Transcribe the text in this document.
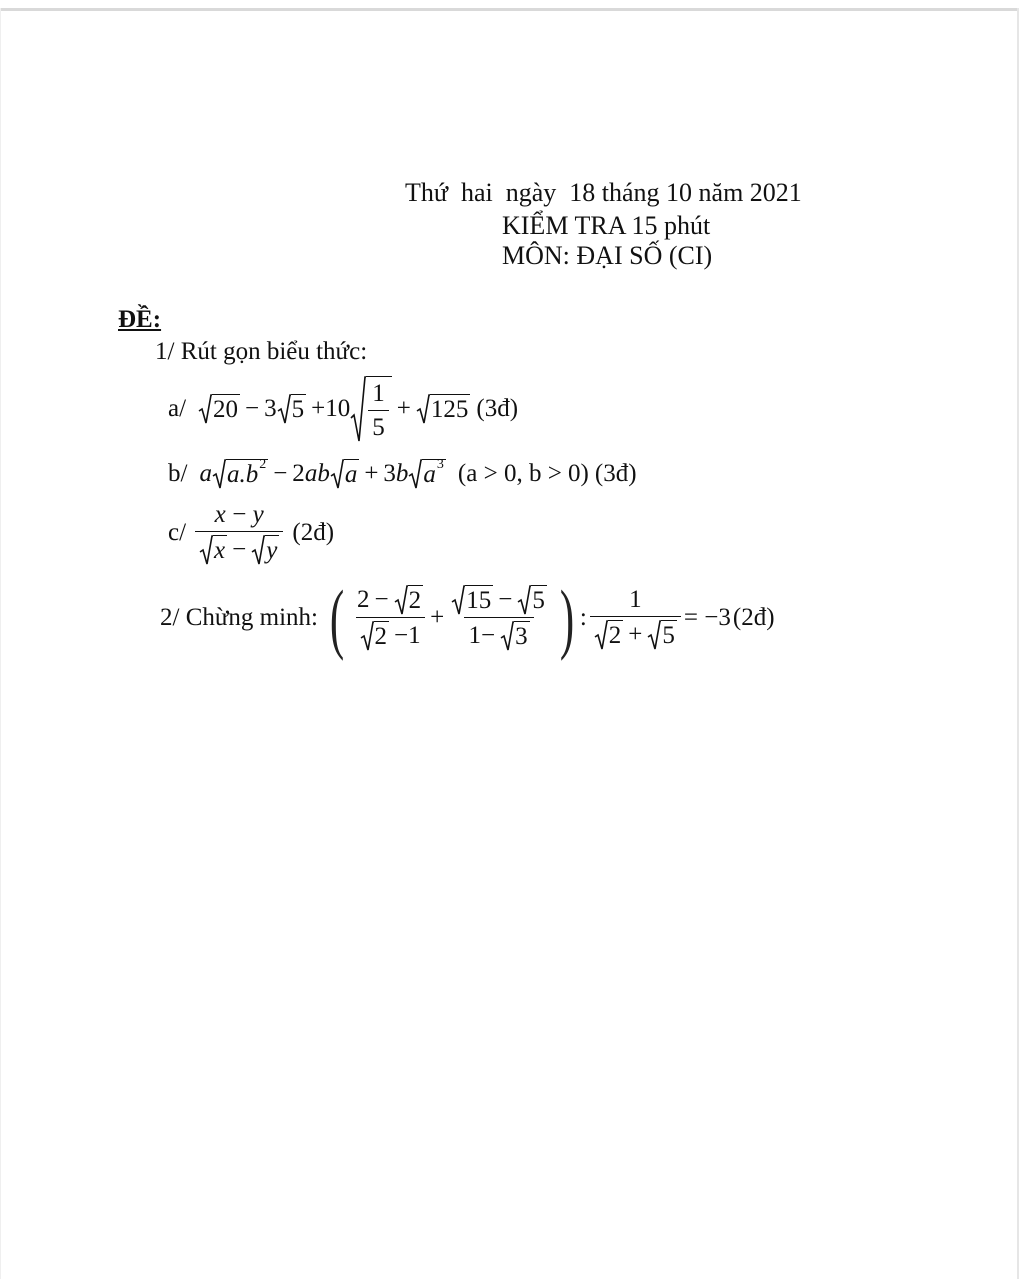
Thứ  hai  ngày  18 tháng 10 năm 2021
KIỂM TRA 15 phút
MÔN: ĐẠI SỐ (CI)
ĐỀ:
1/ Rút gọn biểu thức:
a/ 20  − 3 $5 +10 \frac{1}{5} + 125$ (3đ)
b/ a a.b 2  − 2ab a  + 3b a 3 (a > 0, b > 0) (3đ)
$c/ \frac{x - y}{x - y}$ (2đ)
2/ Chừng minh: ( $\frac{2 - 2}{2 -1} + \frac{15 - 5}{1- 3}$ ) : $\frac{1}{2 + 5} = -3$
  (2đ)
